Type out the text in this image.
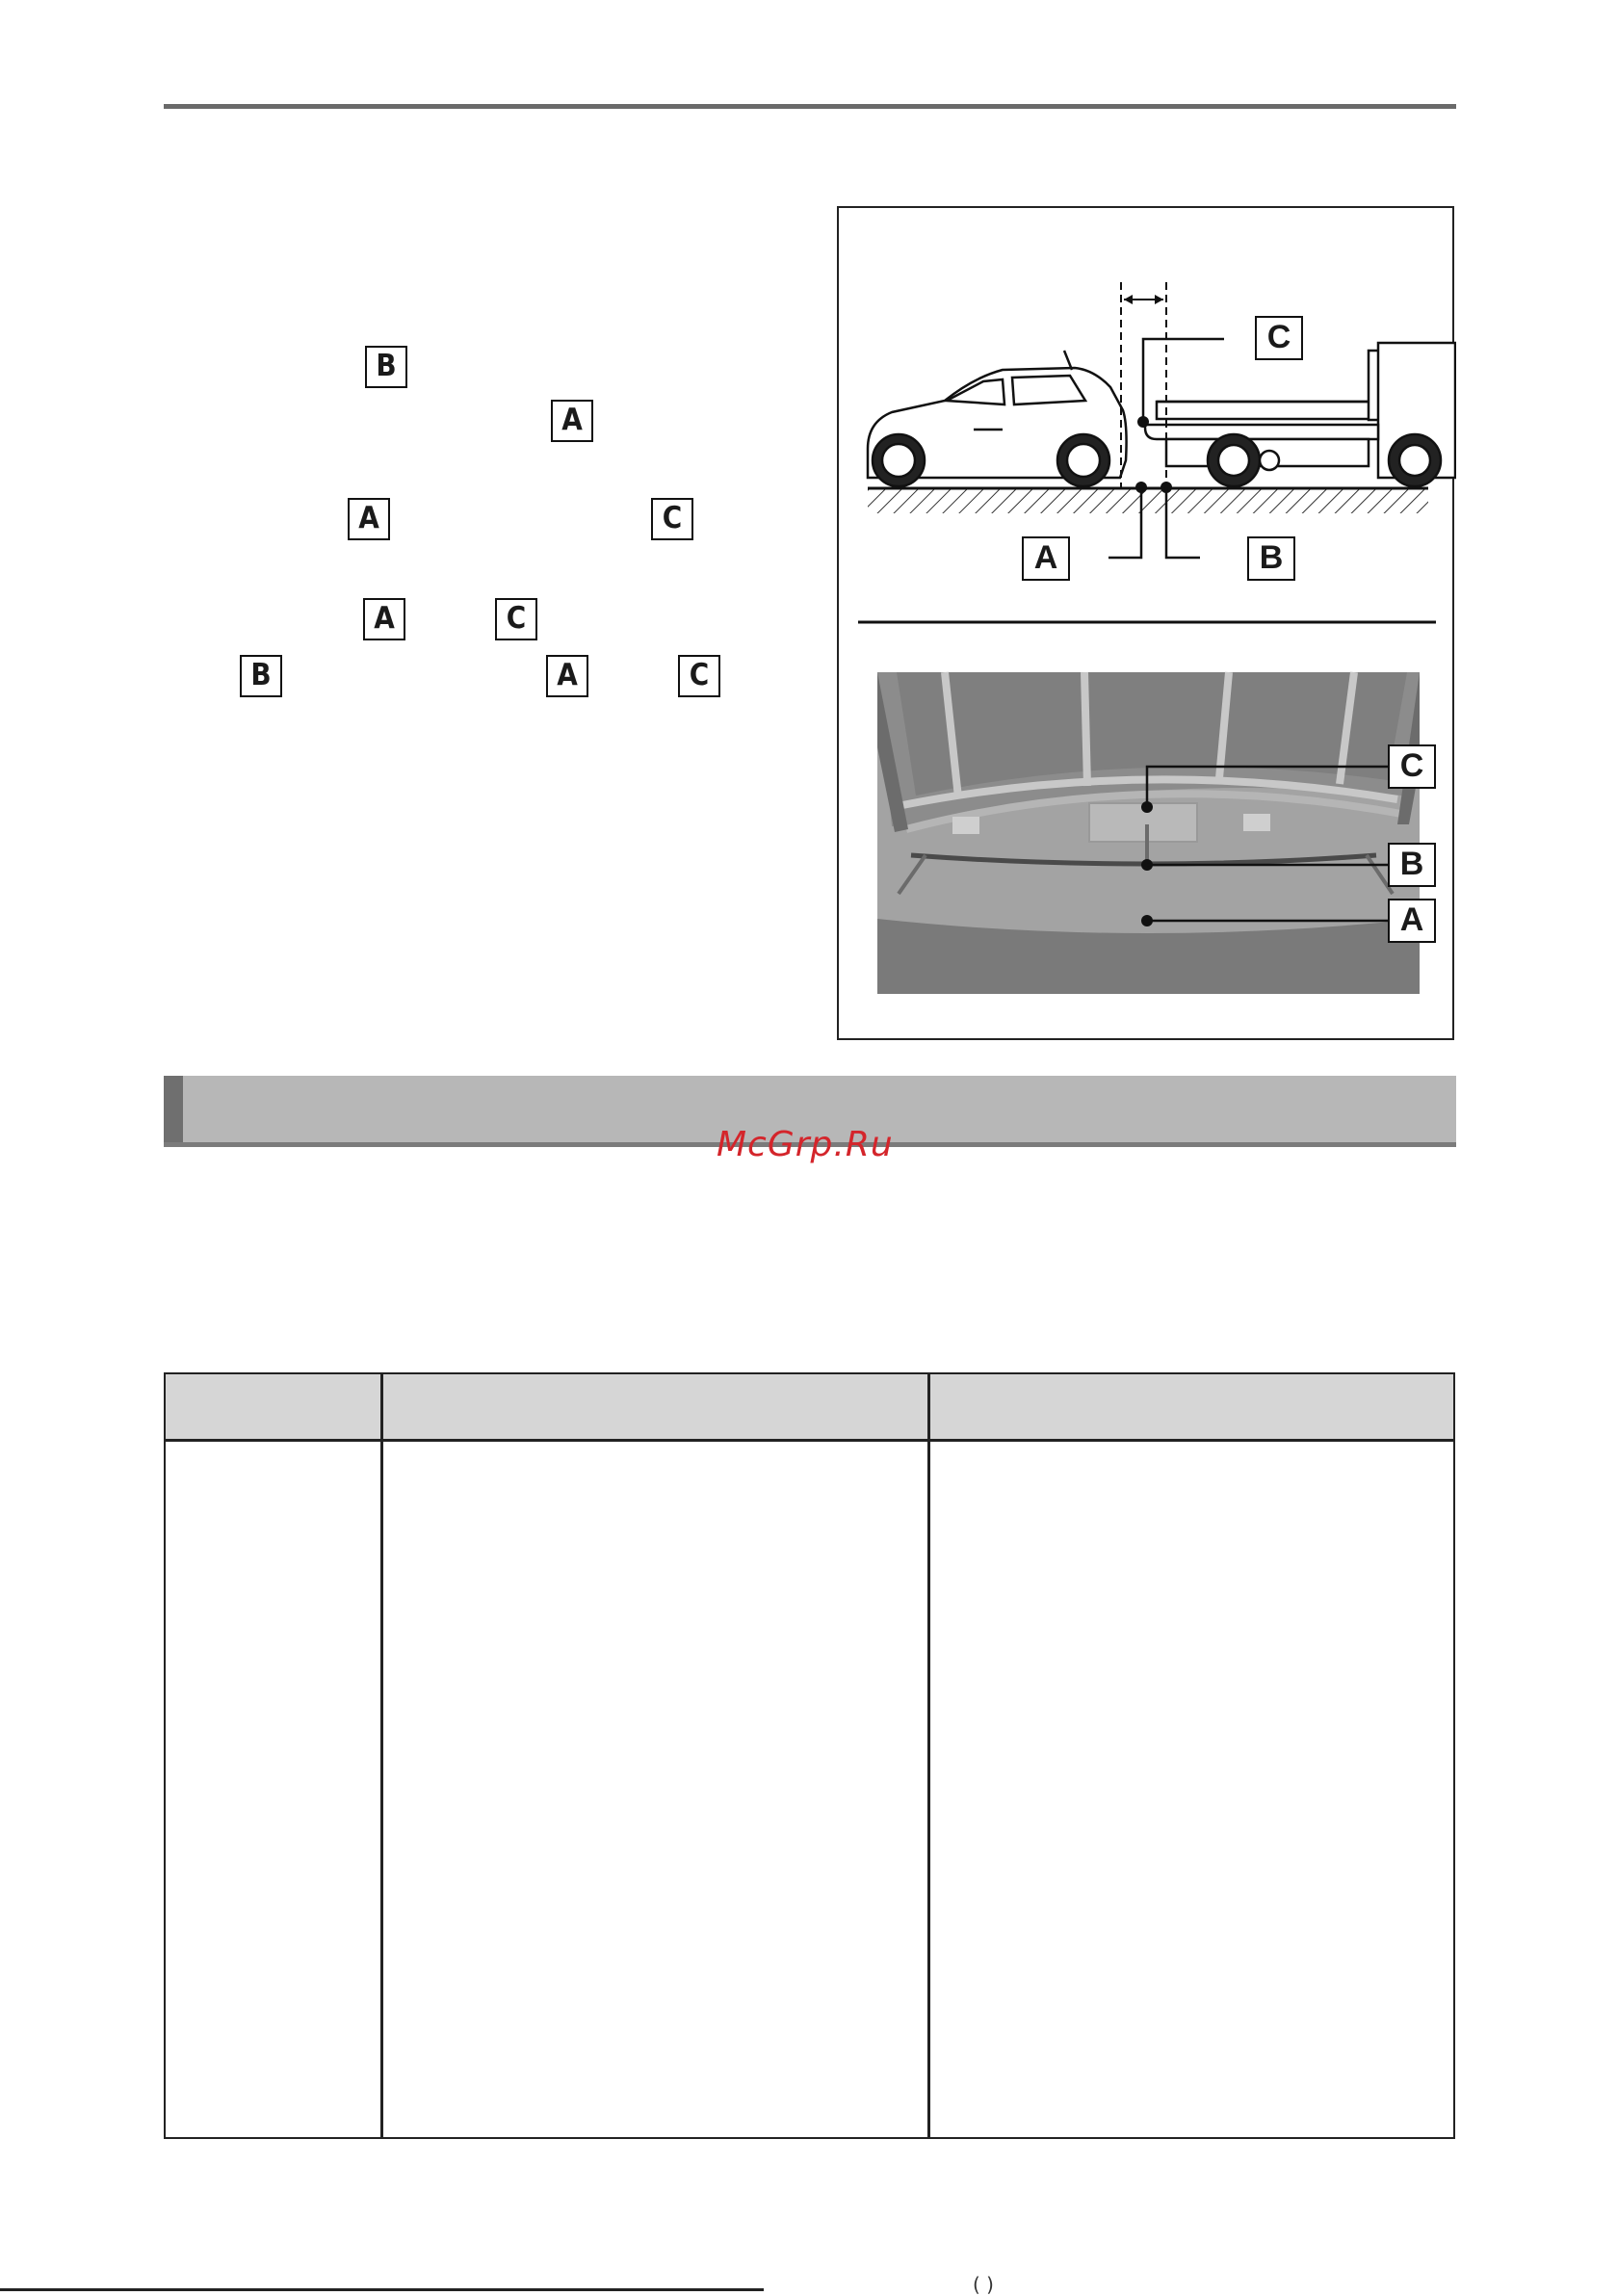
B
A
A	C
A	C
B	A	C
C
A	B
C
B
A
McGrp.Ru
( )
